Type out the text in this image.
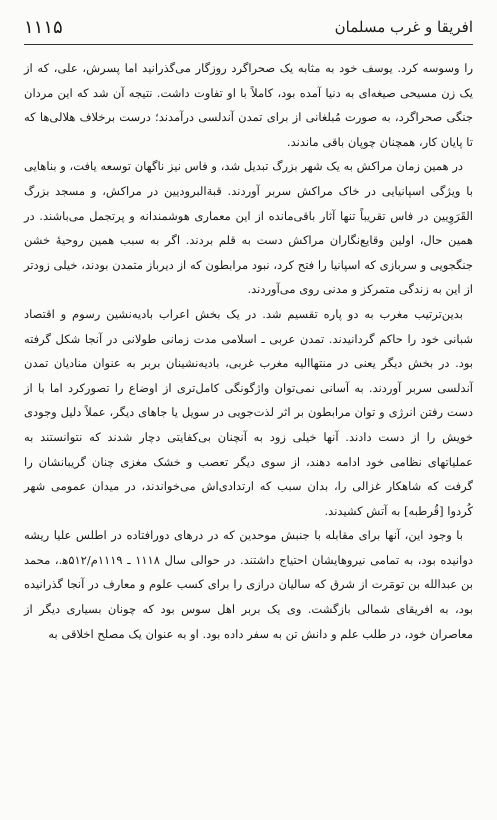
۱۱۱۵	افریقا و غرب مسلمان

را وسوسه کرد. یوسف خود به مثابه یک صحراگرد روزگار می‌گذرانید اما پسرش، علی، که از یک زن مسیحی صیغه‌ای به دنیا آمده بود، کاملاً با او تفاوت داشت. نتیجه آن شد که این مردان جنگی صحراگرد، به صورت مُبلغانی از برای تمدن آندلسی درآمدند؛ درست برخلاف هلالی‌ها که تا پایان کار، همچنان چوپان باقی ماندند.

در همین زمان مراکش به یک شهر بزرگ تبدیل شد، و فاس نیز ناگهان توسعه یافت، و بناهایی با ویژگی اسپانیایی در خاک مراکش سربر آوردند. قبةالبرودیین در مراکش، و مسجد بزرگ القَرَوِیین در فاس تقریباً تنها آثار باقی‌مانده از این معماری هوشمندانه و پرتجمل می‌باشند. در همین حال، اولین وقایع‌نگاران مراکش دست به قلم بردند. اگر به سبب همین روحیهٔ خشن جنگجویی و سربازی که اسپانیا را فتح کرد، نبود مرابطون که از دیرباز متمدن بودند، خیلی زودتر از این به زندگی متمرکز و مدنی روی می‌آوردند.

بدین‌ترتیب مغرب به دو پاره تقسیم شد. در یک بخش اعراب بادیه‌نشین رسوم و اقتصاد شبانی خود را حاکم گردانیدند. تمدن عربی ـ اسلامی مدت زمانی طولانی در آنجا شکل گرفته بود. در بخش دیگر یعنی در منتهاالیه مغرب غربی، بادیه‌نشینان بربر به عنوان منادیان تمدن آندلسی سربر آوردند. به آسانی نمی‌توان واژگونگی کامل‌تری از اوضاع را تصورکرد اما با از دست رفتن انرژی و توان مرابطون بر اثر لذت‌جویی در سویل یا جاهای دیگر، عملاً دلیل وجودی خویش را از دست دادند. آنها خیلی زود به آنچنان بی‌کفایتی دچار شدند که نتوانستند به عملیاتهای نظامی خود ادامه دهند، از سوی دیگر تعصب و خشک مغزی چنان گریبانشان را گرفت که شاهکار غزالی را، بدان سبب که ارتدادی‌اش می‌خواندند، در میدان عمومی شهر کُردوا [قُرطبه] به آتش کشیدند.

با وجود این، آنها برای مقابله با جنبش موحدین که در درهای دورافتاده در اطلس علیا ریشه دوانیده بود، به تمامی نیروهایشان احتیاج داشتند. در حوالی سال ۱۱۱۸ ـ ۱۱۱۹م/۵۱۲ه‍.، محمد بن عبدالله بن تومَرت از شرق که سالیان درازی را برای کسب علوم و معارف در آنجا گذرانیده بود، به افریقای شمالی بازگشت. وی یک بربر اهل سوس بود که چونان بسیاری دیگر از معاصران خود، در طلب علم و دانش تن به سفر داده بود. او به عنوان یک مصلح اخلاقی به
